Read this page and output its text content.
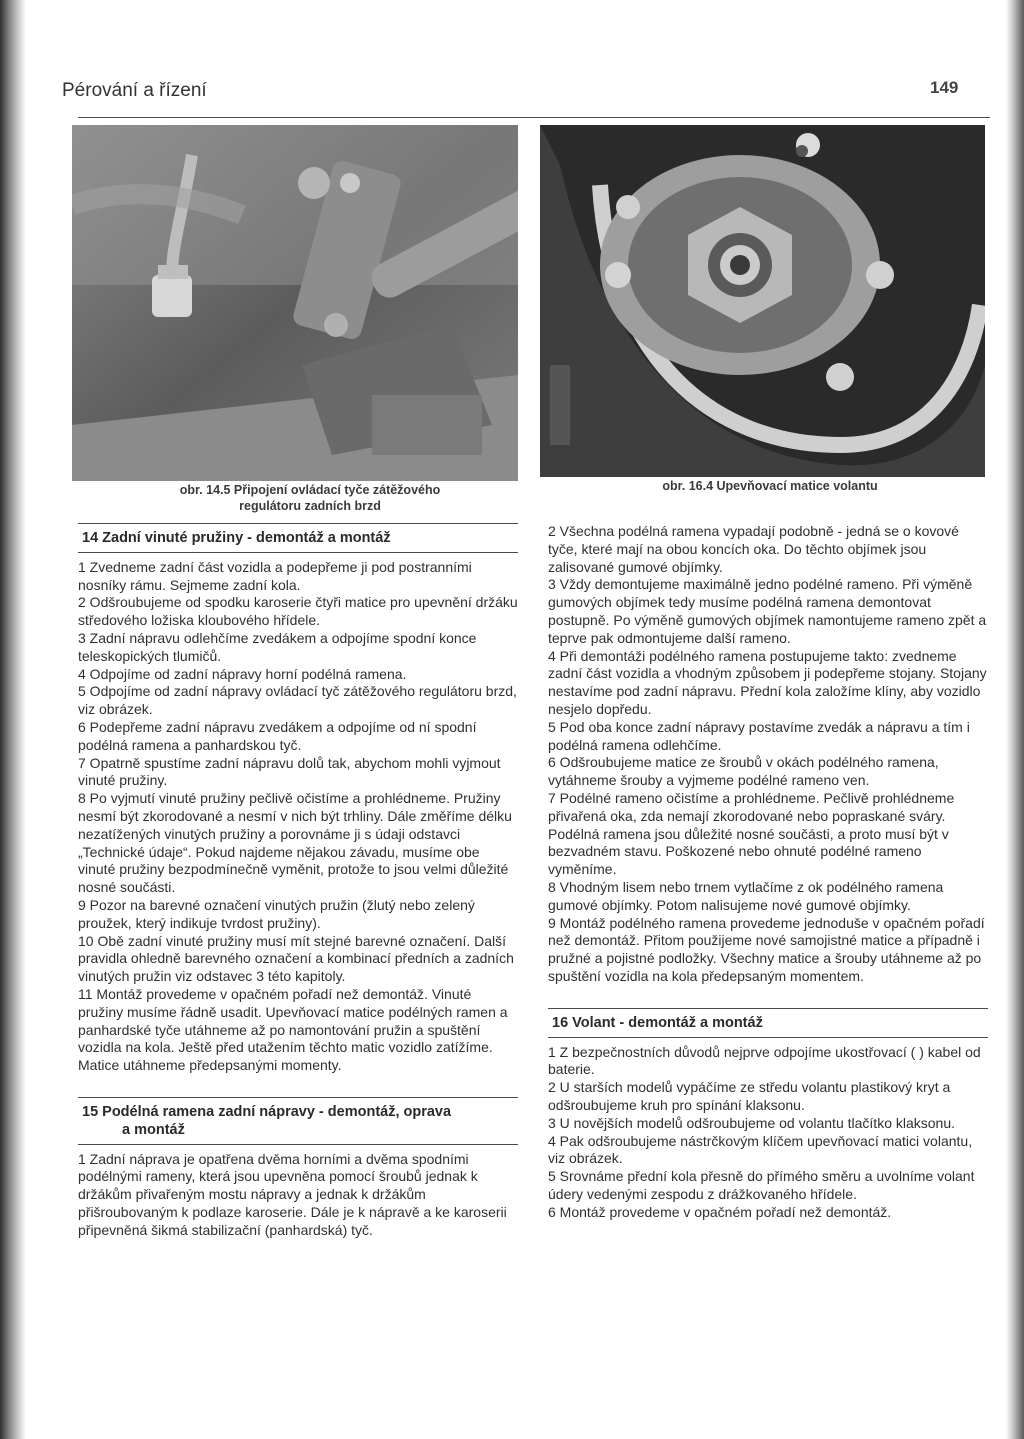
Pérování a řízení	149
obr. 14.5 Připojení ovládací tyče zátěžového
regulátoru zadních brzd
obr. 16.4 Upevňovací matice volantu
14 Zadní vinuté pružiny - demontáž a montáž

1 Zvedneme zadní část vozidla a podepřeme ji pod postranními nosníky rámu. Sejmeme zadní kola.

2 Odšroubujeme od spodku karoserie čtyři matice pro upevnění držáku středového ložiska kloubového hřídele.

3 Zadní nápravu odlehčíme zvedákem a odpojíme spodní konce teleskopických tlumičů.

4 Odpojíme od zadní nápravy horní podélná ramena.

5 Odpojíme od zadní nápravy ovládací tyč zátěžového regulátoru brzd, viz obrázek.

6 Podepřeme zadní nápravu zvedákem a odpojíme od ní spodní podélná ramena a panhardskou tyč.

7 Opatrně spustíme zadní nápravu dolů tak, abychom mohli vyjmout vinuté pružiny.

8 Po vyjmutí vinuté pružiny pečlivě očistíme a prohlédneme. Pružiny nesmí být zkorodované a nesmí v nich být trhliny. Dále změříme délku nezatížených vinutých pružiny a porovnáme ji s údaji odstavci „Technické údaje“. Pokud najdeme nějakou závadu, musíme obe vinuté pružiny bezpodmínečně vyměnit, protože to jsou velmi důležité nosné součásti.

9 Pozor na barevné označení vinutých pružin (žlutý nebo zelený proužek, který indikuje tvrdost pružiny).

10 Obě zadní vinuté pružiny musí mít stejné barevné označení. Další pravidla ohledně barevného označení a kombinací předních a zadních vinutých pružin viz odstavec 3 této kapitoly.

11 Montáž provedeme v opačném pořadí než demontáž. Vinuté pružiny musíme řádně usadit. Upevňovací matice podélných ramen a panhardské tyče utáhneme až po namontování pružin a spuštění vozidla na kola. Ještě před utažením těchto matic vozidlo zatížíme. Matice utáhneme předepsanými momenty.

15 Podélná ramena zadní nápravy - demontáž, oprava
a montáž

1 Zadní náprava je opatřena dvěma horními a dvěma spodními podélnými rameny, která jsou upevněna pomocí šroubů jednak k držákům přivařeným mostu nápravy a jednak k držákům přišroubovaným k podlaze karoserie. Dále je k nápravě a ke karoserii připevněná šikmá stabilizační (panhardská) tyč.

2 Všechna podélná ramena vypadají podobně - jedná se o kovové tyče, které mají na obou koncích oka. Do těchto objímek jsou zalisované gumové objímky.

3 Vždy demontujeme maximálně jedno podélné rameno. Při výměně gumových objímek tedy musíme podélná ramena demontovat postupně. Po výměně gumových objímek namontujeme rameno zpět a teprve pak odmontujeme další rameno.

4 Při demontáži podélného ramena postupujeme takto: zvedneme zadní část vozidla a vhodným způsobem ji podepřeme stojany. Stojany nestavíme pod zadní nápravu. Přední kola založíme klíny, aby vozidlo nesjelo dopředu.

5 Pod oba konce zadní nápravy postavíme zvedák a nápravu a tím i podélná ramena odlehčíme.

6 Odšroubujeme matice ze šroubů v okách podélného ramena, vytáhneme šrouby a vyjmeme podélné rameno ven.

7 Podélné rameno očistíme a prohlédneme. Pečlivě prohlédneme přivařená oka, zda nemají zkorodované nebo popraskané sváry. Podélná ramena jsou důležité nosné součásti, a proto musí být v bezvadném stavu. Poškozené nebo ohnuté podélné rameno vyměníme.

8 Vhodným lisem nebo trnem vytlačíme z ok podélného ramena gumové objímky. Potom nalisujeme nové gumové objímky.

9 Montáž podélného ramena provedeme jednoduše v opačném pořadí než demontáž. Přitom použijeme nové samojistné matice a případně i pružné a pojistné podložky. Všechny matice a šrouby utáhneme až po spuštění vozidla na kola předepsaným momentem.

16 Volant - demontáž a montáž

1 Z bezpečnostních důvodů nejprve odpojíme ukostřovací ( ) kabel od baterie.

2 U starších modelů vypáčíme ze středu volantu plastikový kryt a odšroubujeme kruh pro spínání klaksonu.

3 U novějších modelů odšroubujeme od volantu tlačítko klaksonu.

4 Pak odšroubujeme nástrčkovým klíčem upevňovací matici volantu, viz obrázek.

5 Srovnáme přední kola přesně do přímého směru a uvolníme volant údery vedenými zespodu z drážkovaného hřídele.

6 Montáž provedeme v opačném pořadí než demontáž.
